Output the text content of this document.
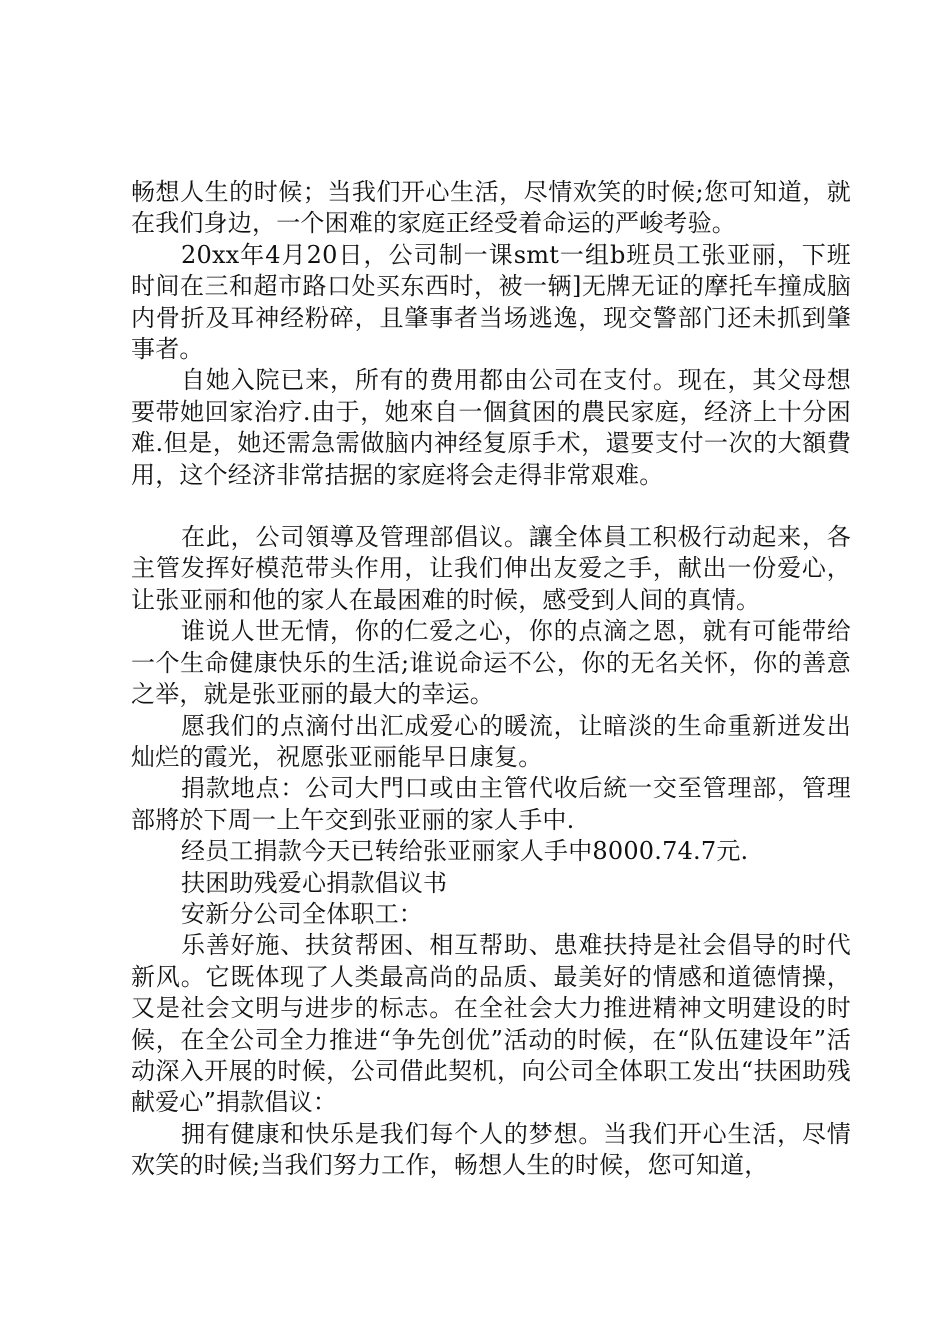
畅想人生的时候；当我们开心生活，尽情欢笑的时候;您可知道，就在我们身边，一个困难的家庭正经受着命运的严峻考验。

20xx年4月20日，公司制一课smt一组b班员工张亚丽，下班时间在三和超市路口处买东西时，被一辆]无牌无证的摩托车撞成脑内骨折及耳神经粉碎，且肇事者当场逃逸，现交警部门还未抓到肇事者。

自她入院已来，所有的费用都由公司在支付。现在，其父母想要带她回家治疗.由于，她來自一個貧困的農民家庭，经济上十分困难.但是，她还需急需做脑内神经复原手术，還要支付一次的大額費用，这个经济非常拮据的家庭将会走得非常艰难。

在此，公司領導及管理部倡议。讓全体員工积极行动起来，各主管发挥好模范带头作用，让我们伸出友爱之手，献出一份爱心，让张亚丽和他的家人在最困难的时候，感受到人间的真情。

谁说人世无情，你的仁爱之心，你的点滴之恩，就有可能带给一个生命健康快乐的生活;谁说命运不公，你的无名关怀，你的善意之举，就是张亚丽的最大的幸运。

愿我们的点滴付出汇成爱心的暖流，让暗淡的生命重新迸发出灿烂的霞光，祝愿张亚丽能早日康复。

捐款地点：公司大門口或由主管代收后統一交至管理部，管理部將於下周一上午交到张亚丽的家人手中.

经员工捐款今天已转给张亚丽家人手中8000.74.7元.

扶困助残爱心捐款倡议书

安新分公司全体职工：

乐善好施、扶贫帮困、相互帮助、患难扶持是社会倡导的时代新风。它既体现了人类最高尚的品质、最美好的情感和道德情操，又是社会文明与进步的标志。在全社会大力推进精神文明建设的时候，在全公司全力推进“争先创优”活动的时候，在“队伍建设年”活动深入开展的时候，公司借此契机，向公司全体职工发出“扶困助残献爱心”捐款倡议：

拥有健康和快乐是我们每个人的梦想。当我们开心生活，尽情欢笑的时候;当我们努力工作，畅想人生的时候，您可知道，
